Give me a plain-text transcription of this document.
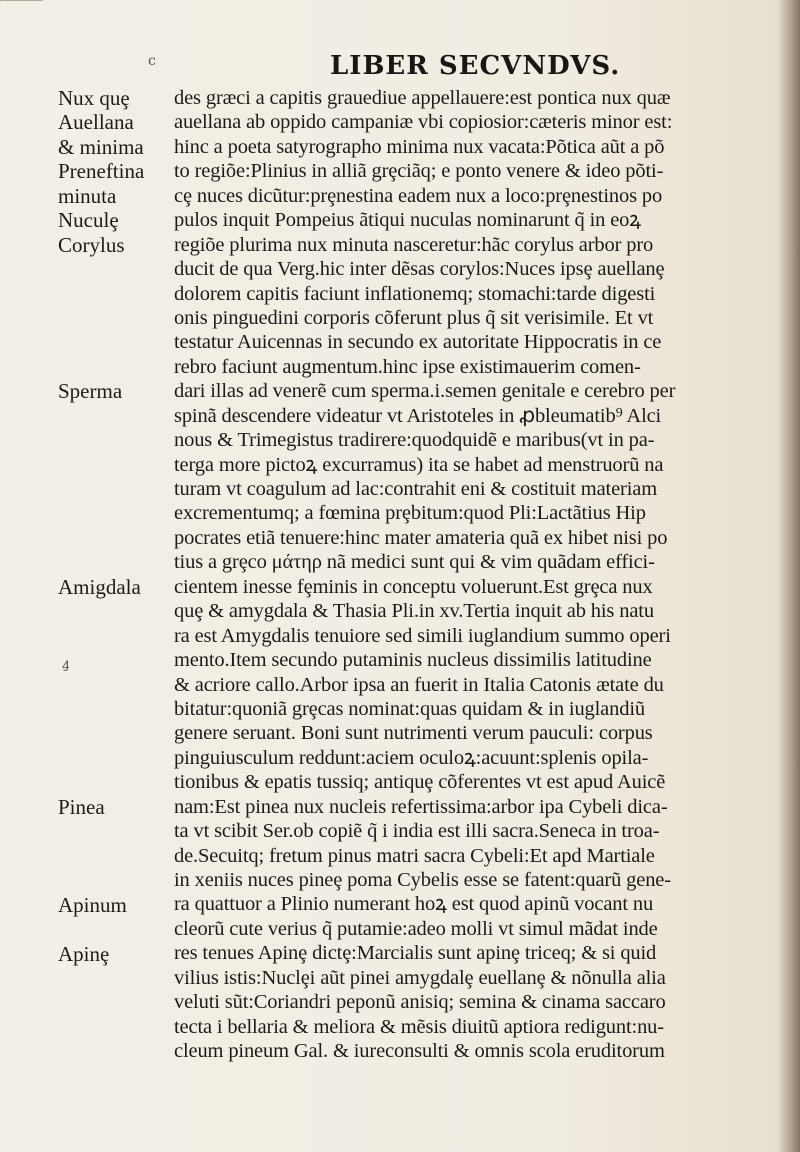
c	LIBER SECVNDVS.
des græci a capitis grauediue appellauere:est pontica nux quæ
auellana ab oppido campaniæ vbi copiosior:cæteris minor est:
hinc a poeta satyrographo minima nux vacata:Põtica aũt a põ
to regiõe:Plinius in alliã grȩciãq; e ponto venere & ideo põti-
cȩ nuces dicũtur:prȩnestina eadem nux a loco:prȩnestinos po
pulos inquit Pompeius ãtiqui nuculas nominarunt q̃ in eoꝝ
regiõe plurima nux minuta nasceretur:hãc corylus arbor pro
ducit de qua Verg.hic inter dẽsas corylos:Nuces ipsȩ auellanȩ
dolorem capitis faciunt inflationemq; stomachi:tarde digesti
onis pinguedini corporis cõferunt plus q̃ sit verisimile. Et vt
testatur Auicennas in secundo ex autoritate Hippocratis in ce
rebro faciunt augmentum.hinc ipse existimauerim comen-
dari illas ad venerẽ cum sperma.i.semen genitale e cerebro per
spinã descendere videatur vt Aristoteles in ꝓbleumatib⁹ Alci
nous & Trimegistus tradirere:quodquidẽ e maribus(vt in pa-
terga more pictoꝝ excurramus) ita se habet ad menstruorũ na
turam vt coagulum ad lac:contrahit eni & costituit materiam
excrementumq; a fœmina prȩbitum:quod Pli:Lactãtius Hip
pocrates etiã tenuere:hinc mater amateria quã ex hibet nisi po
tius a grȩco μάτηρ nã medici sunt qui & vim quãdam effici-
cientem inesse fȩminis in conceptu voluerunt.Est grȩca nux
quȩ & amygdala & Thasia Pli.in xv.Tertia inquit ab his natu
ra est Amygdalis tenuiore sed simili iuglandium summo operi
mento.Item secundo putaminis nucleus dissimilis latitudine
& acriore callo.Arbor ipsa an fuerit in Italia Catonis ætate du
bitatur:quoniã grȩcas nominat:quas quidam & in iuglandiũ
genere seruant. Boni sunt nutrimenti verum pauculi: corpus
pinguiusculum reddunt:aciem oculoꝝ:acuunt:splenis opila-
tionibus & epatis tussiq; antiquȩ cõferentes vt est apud Auicẽ
nam:Est pinea nux nucleis refertissima:arbor ipa Cybeli dica-
ta vt scibit Ser.ob copiẽ q̃ i india est illi sacra.Seneca in troa-
de.Secuitq; fretum pinus matri sacra Cybeli:Et apd Martiale
in xeniis nuces pineȩ poma Cybelis esse se fatent:quarũ gene-
ra quattuor a Plinio numerant hoꝝ est quod apinũ vocant nu
cleorũ cute verius q̃ putamie:adeo molli vt simul mãdat inde
res tenues Apinȩ dictȩ:Marcialis sunt apinȩ triceq; & si quid
vilius istis:Nuclȩi aũt pinei amygdalȩ euellanȩ & nõnulla alia
veluti sũt:Coriandri peponũ anisiq; semina & cinama saccaro
tecta i bellaria & meliora & mẽsis diuitũ aptiora redigunt:nu-
cleum pineum Gal. & iureconsulti & omnis scola eruditorum
Nux quȩ
Auellana
& minima
Preneftina
minuta
Nuculȩ
Corylus
Sperma
Amigdala
Pinea
Apinum
Apinȩ
ꜭ
